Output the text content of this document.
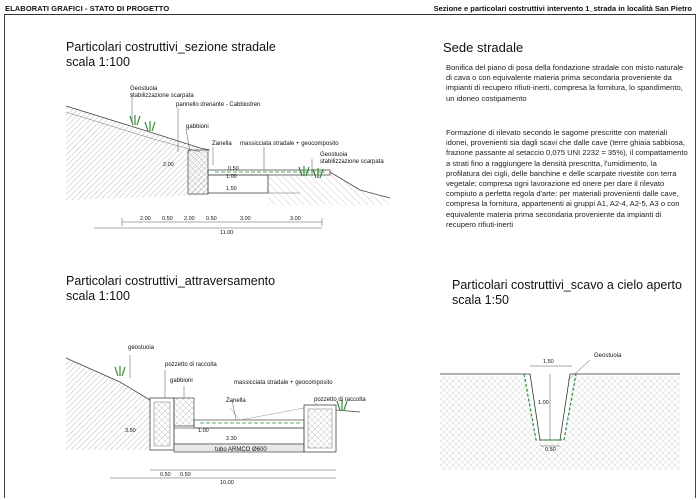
ELABORATI GRAFICI - STATO DI PROGETTO	Sezione e particolari costruttivi intervento 1_strada in località San Pietro
Particolari costruttivi_sezione stradale
scala 1:100
Sede stradale
Bonifica del piano di posa della fondazione stradale con misto naturale di cava o con equivalente materia prima secondaria proveniente da impianti di recupero rifiuti-inerti, compresa la fornitura, lo spandimento, un idoneo costipamento
Formazione di rilevato secondo le sagome prescritte con materiali idonei, provenienti sia dagli scavi che dalle cave (terre ghiaia sabbiosa, frazione passante al setaccio 0,075 UNI 2232 = 35%), il compattamento a strati fino a raggiungere la densità prescritta, l'umidimento, la profilatura dei cigli, delle banchine e delle scarpate rivestite con terra vegetale; compresa ogni lavorazione ed onere per dare il rilevato compiuto a perfetta regola d'arte: per materiali provenienti dalle cave, compresa la fornitura, appartenenti ai gruppi A1, A2-4, A2-5, A3 o con equivalente materia prima secondaria proveniente da impianti di recupero rifiuti-inerti
Particolari costruttivi_attraversamento
scala 1:100
Particolari costruttivi_scavo a cielo aperto
scala 1:50
Geostuoia
stabilizzazione scarpata
pannello drenante - Cabbiodren
gabbioni
Zanella massicciata stradale + geocomposito
Geostuoia
stabilizzazione scarpata
2.00
0.50
1.00
1.50
2.00 0.50 2.00 0.50	3.00	3.00
11.00
geostuoia
pozzetto di raccolta
gabbioni	massicciata stradale + geocomposito
Zanella	pozzetto di raccolta
tubo ARMCO Ø600
3.50	1.00
2.30
0.50 0.50
10.00
Geostuoia
1.50
1.00
0.50
